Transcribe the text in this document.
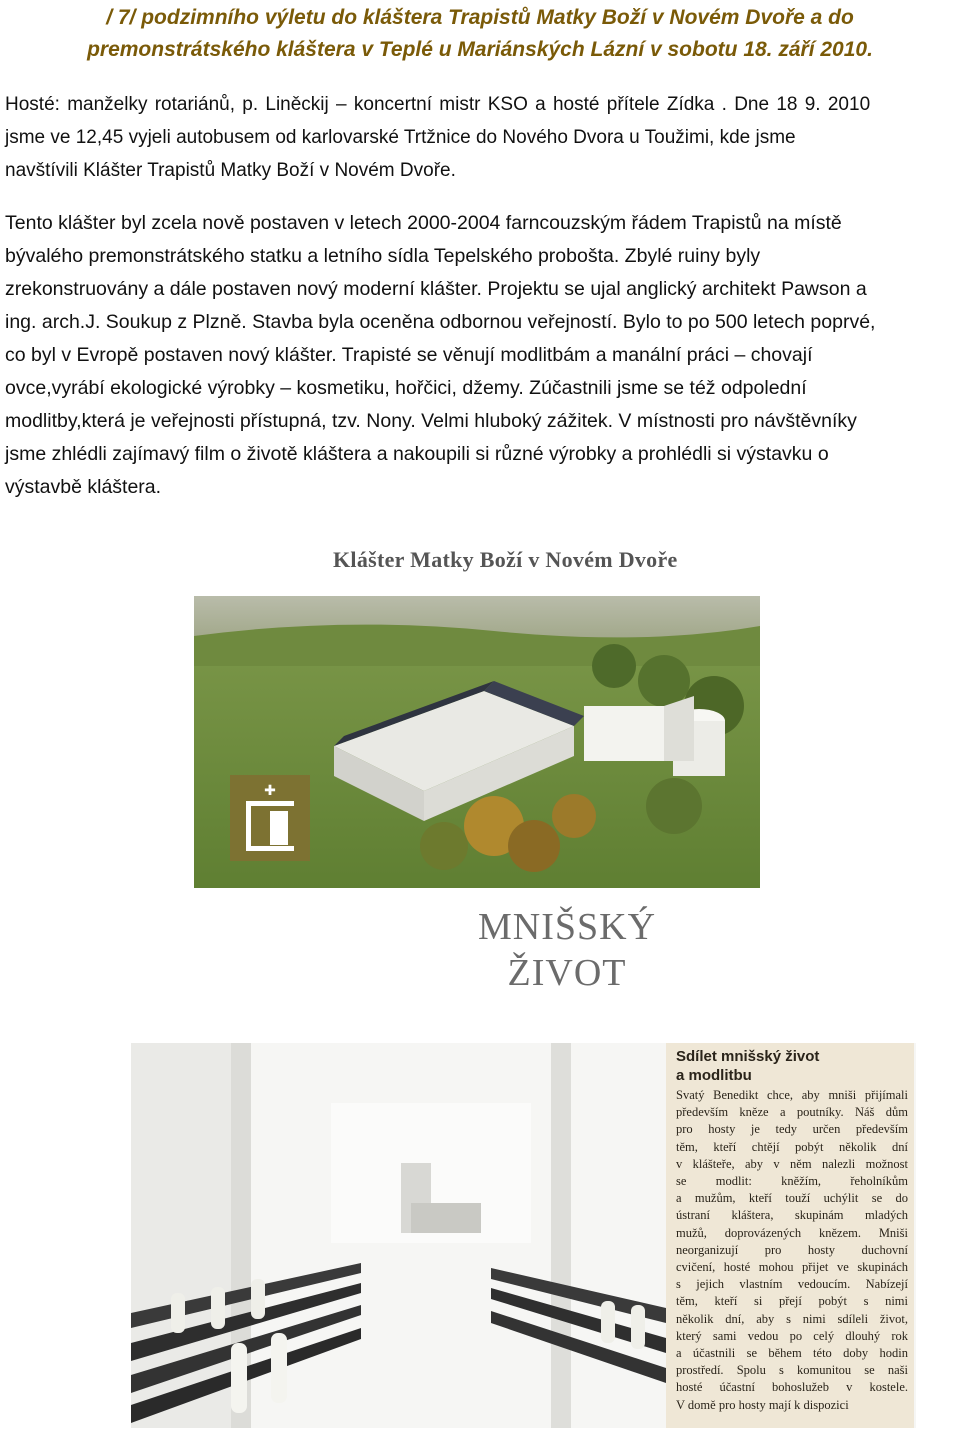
/ 7/ podzimního výletu do kláštera Trapistů Matky Boží v Novém Dvoře a do
premonstrátského kláštera v Teplé u Mariánských Lázní v sobotu 18. září 2010.
Hosté: manželky rotariánů, p. Liněckij – koncertní mistr KSO a hosté přítele Zídka . Dne 18 9. 2010
jsme ve 12,45 vyjeli autobusem od karlovarské Trtžnice do Nového Dvora u Toužimi, kde jsme
navštívili Klášter Trapistů Matky Boží v Novém Dvoře.
Tento klášter byl zcela nově postaven v letech 2000-2004 farncouzským řádem Trapistů na místě
bývalého premonstrátského statku a letního sídla Tepelského probošta. Zbylé ruiny byly
zrekonstruovány a dále postaven nový moderní klášter. Projektu se ujal anglický architekt Pawson a
ing. arch.J. Soukup z Plzně. Stavba byla oceněna odbornou veřejností. Bylo to po 500 letech poprvé,
co byl v Evropě postaven nový klášter. Trapisté se věnují modlitbám a manální práci – chovají
ovce,vyrábí ekologické výrobky – kosmetiku, hořčici, džemy. Zúčastnili jsme se též odpolední
modlitby,která je veřejnosti přístupná, tzv. Nony. Velmi hluboký zážitek. V místnosti pro návštěvníky
jsme zhlédli zajímavý film o životě kláštera a nakoupili si různé výrobky a prohlédli si výstavku o
výstavbě kláštera.
Klášter Matky Boží v Novém Dvoře
✚
MNIŠSKÝ
ŽIVOT
Sdílet mnišský život
a modlitbu
Svatý Benedikt chce, aby mniši přijímali
především kněze a poutníky. Náš dům
pro hosty je tedy určen především
těm, kteří chtějí pobýt několik dní
v klášteře, aby v něm nalezli možnost
se modlit: kněžím, řeholníkům
a mužům, kteří touží uchýlit se do
ústraní kláštera, skupinám mladých
mužů, doprovázených knězem. Mniši
neorganizují pro hosty duchovní
cvičení, hosté mohou přijet ve skupinách
s jejich vlastním vedoucím. Nabízejí
těm, kteří si přejí pobýt s nimi
několik dní, aby s nimi sdíleli život,
který sami vedou po celý dlouhý rok
a účastnili se během této doby hodin
prostředí. Spolu s komunitou se naši
hosté účastní bohoslužeb v kostele.
V domě pro hosty mají k dispozici
